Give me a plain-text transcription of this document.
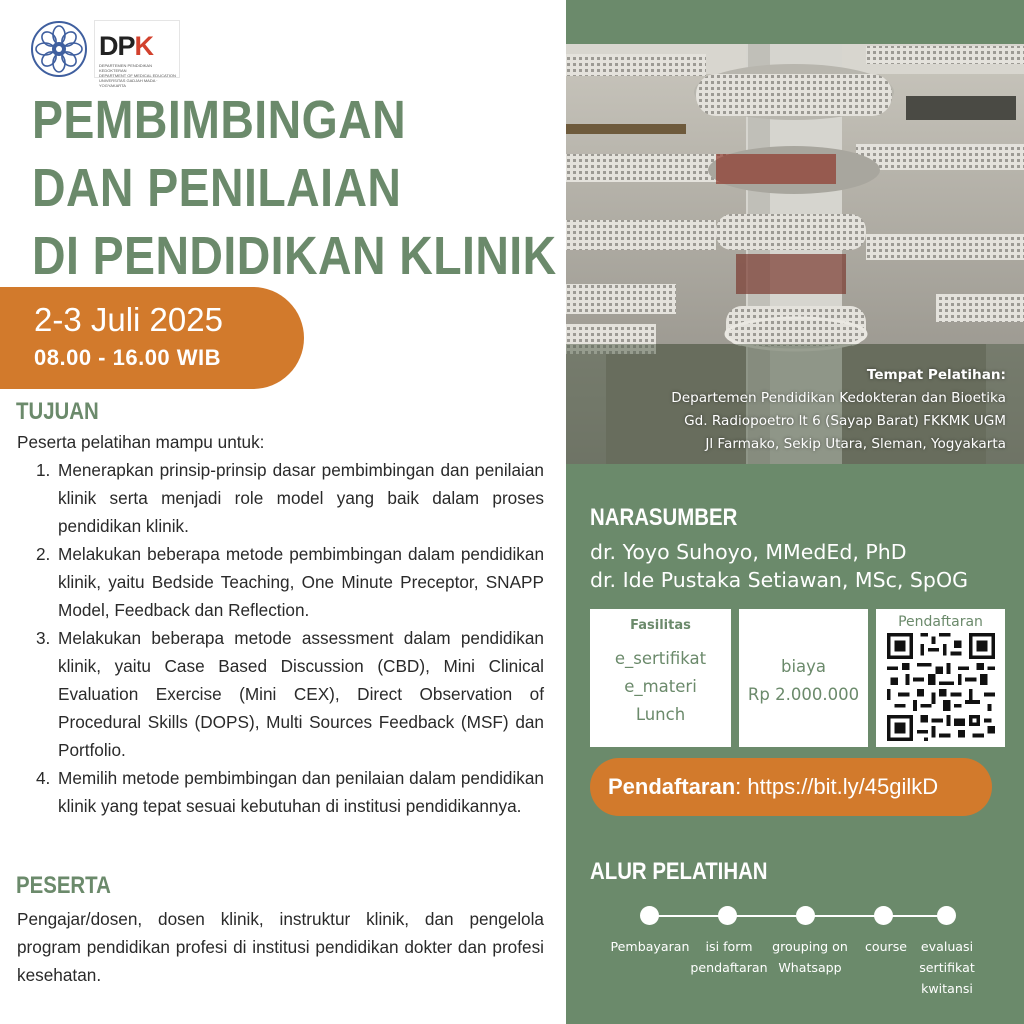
DPK
DEPARTEMEN PENDIDIKAN KEDOKTERAN
DEPARTMENT OF MEDICAL EDUCATION
UNIVERSITAS GADJAH MADA · YOGYAKARTA
PEMBIMBINGAN
DAN PENILAIAN
DI PENDIDIKAN KLINIK
2-3 Juli 2025
08.00 - 16.00 WIB
TUJUAN
Peserta pelatihan mampu untuk:
1. Menerapkan prinsip-prinsip dasar pembimbingan dan penilaian klinik serta menjadi role model yang baik dalam proses pendidikan klinik.
2. Melakukan beberapa metode pembimbingan dalam pendidikan klinik, yaitu Bedside Teaching, One Minute Preceptor, SNAPP Model, Feedback dan Reflection.
3. Melakukan beberapa metode assessment dalam pendidikan klinik, yaitu Case Based Discussion (CBD), Mini Clinical Evaluation Exercise (Mini CEX), Direct Observation of Procedural Skills (DOPS), Multi Sources Feedback (MSF) dan Portfolio.
4. Memilih metode pembimbingan dan penilaian dalam pendidikan klinik yang tepat sesuai kebutuhan di institusi pendidikannya.
PESERTA
Pengajar/dosen, dosen klinik, instruktur klinik, dan pengelola program pendidikan profesi di institusi pendidikan dokter dan profesi kesehatan.
Tempat Pelatihan:
Departemen Pendidikan Kedokteran dan Bioetika
Gd. Radiopoetro lt 6 (Sayap Barat) FKKMK UGM
Jl Farmako, Sekip Utara, Sleman, Yogyakarta
NARASUMBER
dr. Yoyo Suhoyo, MMedEd, PhD
dr. Ide Pustaka Setiawan, MSc, SpOG
Fasilitas
e_sertifikat
e_materi
Lunch
biaya
Rp 2.000.000
Pendaftaran
Pendaftaran: https://bit.ly/45gilkD
ALUR PELATIHAN
Pembayaran	isi form
pendaftaran
grouping on
Whatsapp
course evaluasi
sertifikat
kwitansi
